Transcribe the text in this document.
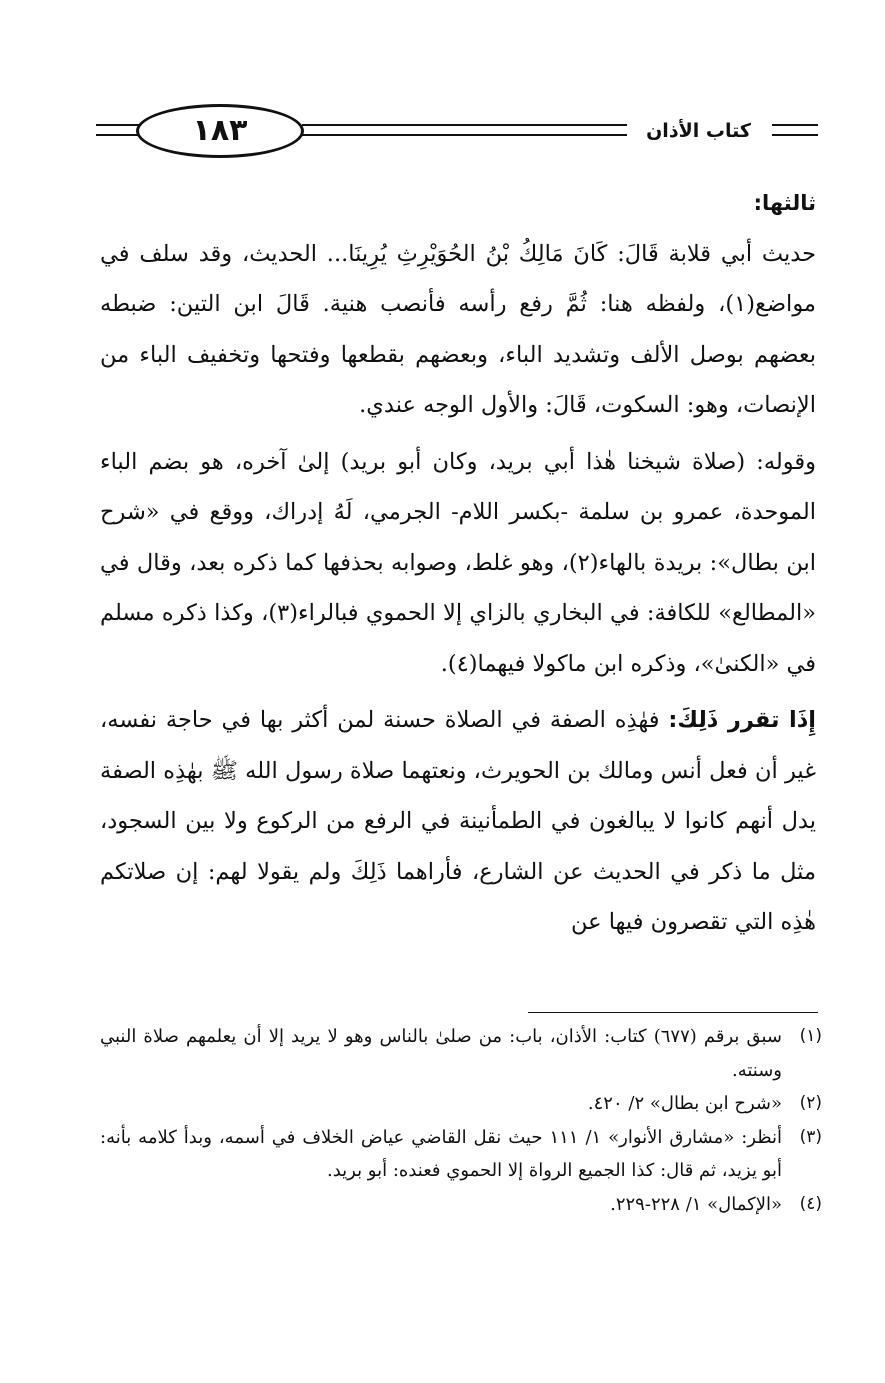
١٨٣	كتاب الأذان

ثالثها:

حديث أبي قلابة قَالَ: كَانَ مَالِكُ بْنُ الحُوَيْرِثِ يُرِينَا... الحديث، وقد سلف في مواضع(١)، ولفظه هنا: ثُمَّ رفع رأسه فأنصب هنية. قَالَ ابن التين: ضبطه بعضهم بوصل الألف وتشديد الباء، وبعضهم بقطعها وفتحها وتخفيف الباء من الإنصات، وهو: السكوت، قَالَ: والأول الوجه عندي.

وقوله: (صلاة شيخنا هٰذا أبي بريد، وكان أبو بريد) إلىٰ آخره، هو بضم الباء الموحدة، عمرو بن سلمة -بكسر اللام- الجرمي، لَهُ إدراك، ووقع في «شرح ابن بطال»: بريدة بالهاء(٢)، وهو غلط، وصوابه بحذفها كما ذكره بعد، وقال في «المطالع» للكافة: في البخاري بالزاي إلا الحموي فبالراء(٣)، وكذا ذكره مسلم في «الكنىٰ»، وذكره ابن ماكولا فيهما(٤).

إِذَا تقرر ذَلِكَ: فهٰذِه الصفة في الصلاة حسنة لمن أكثر بها في حاجة نفسه، غير أن فعل أنس ومالك بن الحويرث، ونعتهما صلاة رسول الله ﷺ بهٰذِه الصفة يدل أنهم كانوا لا يبالغون في الطمأنينة في الرفع من الركوع ولا بين السجود، مثل ما ذكر في الحديث عن الشارع، فأراهما ذَلِكَ ولم يقولا لهم: إن صلاتكم هٰذِه التي تقصرون فيها عن

(١)
سبق برقم (٦٧٧) كتاب: الأذان، باب: من صلىٰ بالناس وهو لا يريد إلا أن يعلمهم صلاة النبي وسنته.
(٢)
«شرح ابن بطال» ٢/ ٤٢٠.
(٣)
أنظر: «مشارق الأنوار» ١/ ١١١ حيث نقل القاضي عياض الخلاف في أسمه، وبدأ كلامه بأنه: أبو يزيد، ثم قال: كذا الجميع الرواة إلا الحموي فعنده: أبو بريد.
(٤)
«الإكمال» ١/ ٢٢٨-٢٢٩.
